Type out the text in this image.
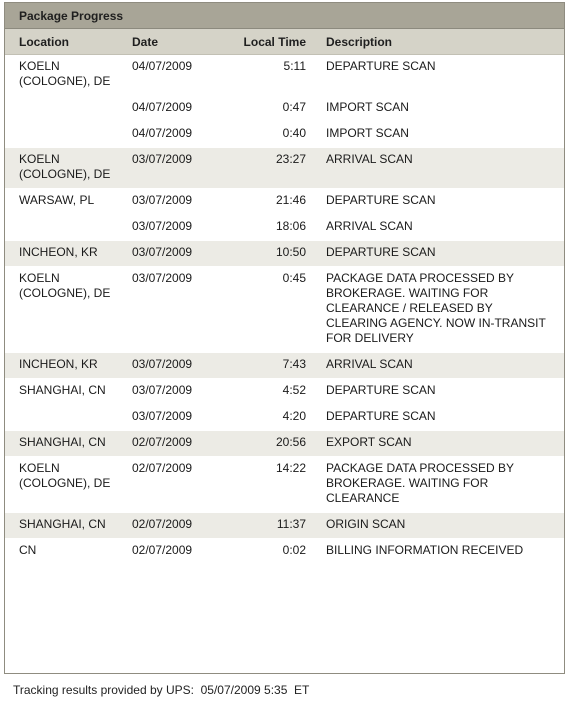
Package Progress
Location	Date	Local Time	Description
KOELN (COLOGNE), DE	04/07/2009	5:11	DEPARTURE SCAN
	04/07/2009	0:47	IMPORT SCAN
	04/07/2009	0:40	IMPORT SCAN
KOELN (COLOGNE), DE	03/07/2009	23:27	ARRIVAL SCAN
WARSAW, PL	03/07/2009	21:46	DEPARTURE SCAN
	03/07/2009	18:06	ARRIVAL SCAN
INCHEON, KR	03/07/2009	10:50	DEPARTURE SCAN
KOELN (COLOGNE), DE	03/07/2009	0:45	PACKAGE DATA PROCESSED BY BROKERAGE. WAITING FOR CLEARANCE / RELEASED BY CLEARING AGENCY. NOW IN-TRANSIT FOR DELIVERY
INCHEON, KR	03/07/2009	7:43	ARRIVAL SCAN
SHANGHAI, CN	03/07/2009	4:52	DEPARTURE SCAN
	03/07/2009	4:20	DEPARTURE SCAN
SHANGHAI, CN	02/07/2009	20:56	EXPORT SCAN
KOELN (COLOGNE), DE	02/07/2009	14:22	PACKAGE DATA PROCESSED BY BROKERAGE. WAITING FOR CLEARANCE
SHANGHAI, CN	02/07/2009	11:37	ORIGIN SCAN
CN	02/07/2009	0:02	BILLING INFORMATION RECEIVED
Tracking results provided by UPS:  05/07/2009 5:35  ET
